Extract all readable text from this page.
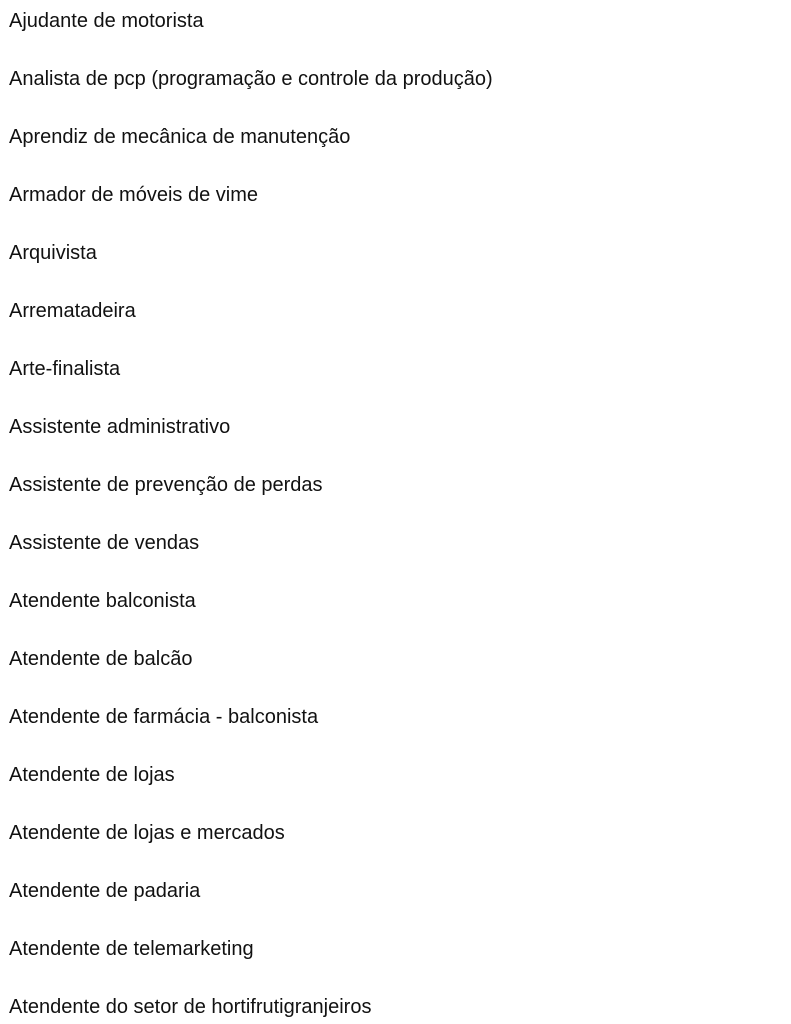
Ajudante de motorista
Analista de pcp (programação e controle da produção)
Aprendiz de mecânica de manutenção
Armador de móveis de vime
Arquivista
Arrematadeira
Arte-finalista
Assistente administrativo
Assistente de prevenção de perdas
Assistente de vendas
Atendente balconista
Atendente de balcão
Atendente de farmácia - balconista
Atendente de lojas
Atendente de lojas e mercados
Atendente de padaria
Atendente de telemarketing
Atendente do setor de hortifrutigranjeiros
